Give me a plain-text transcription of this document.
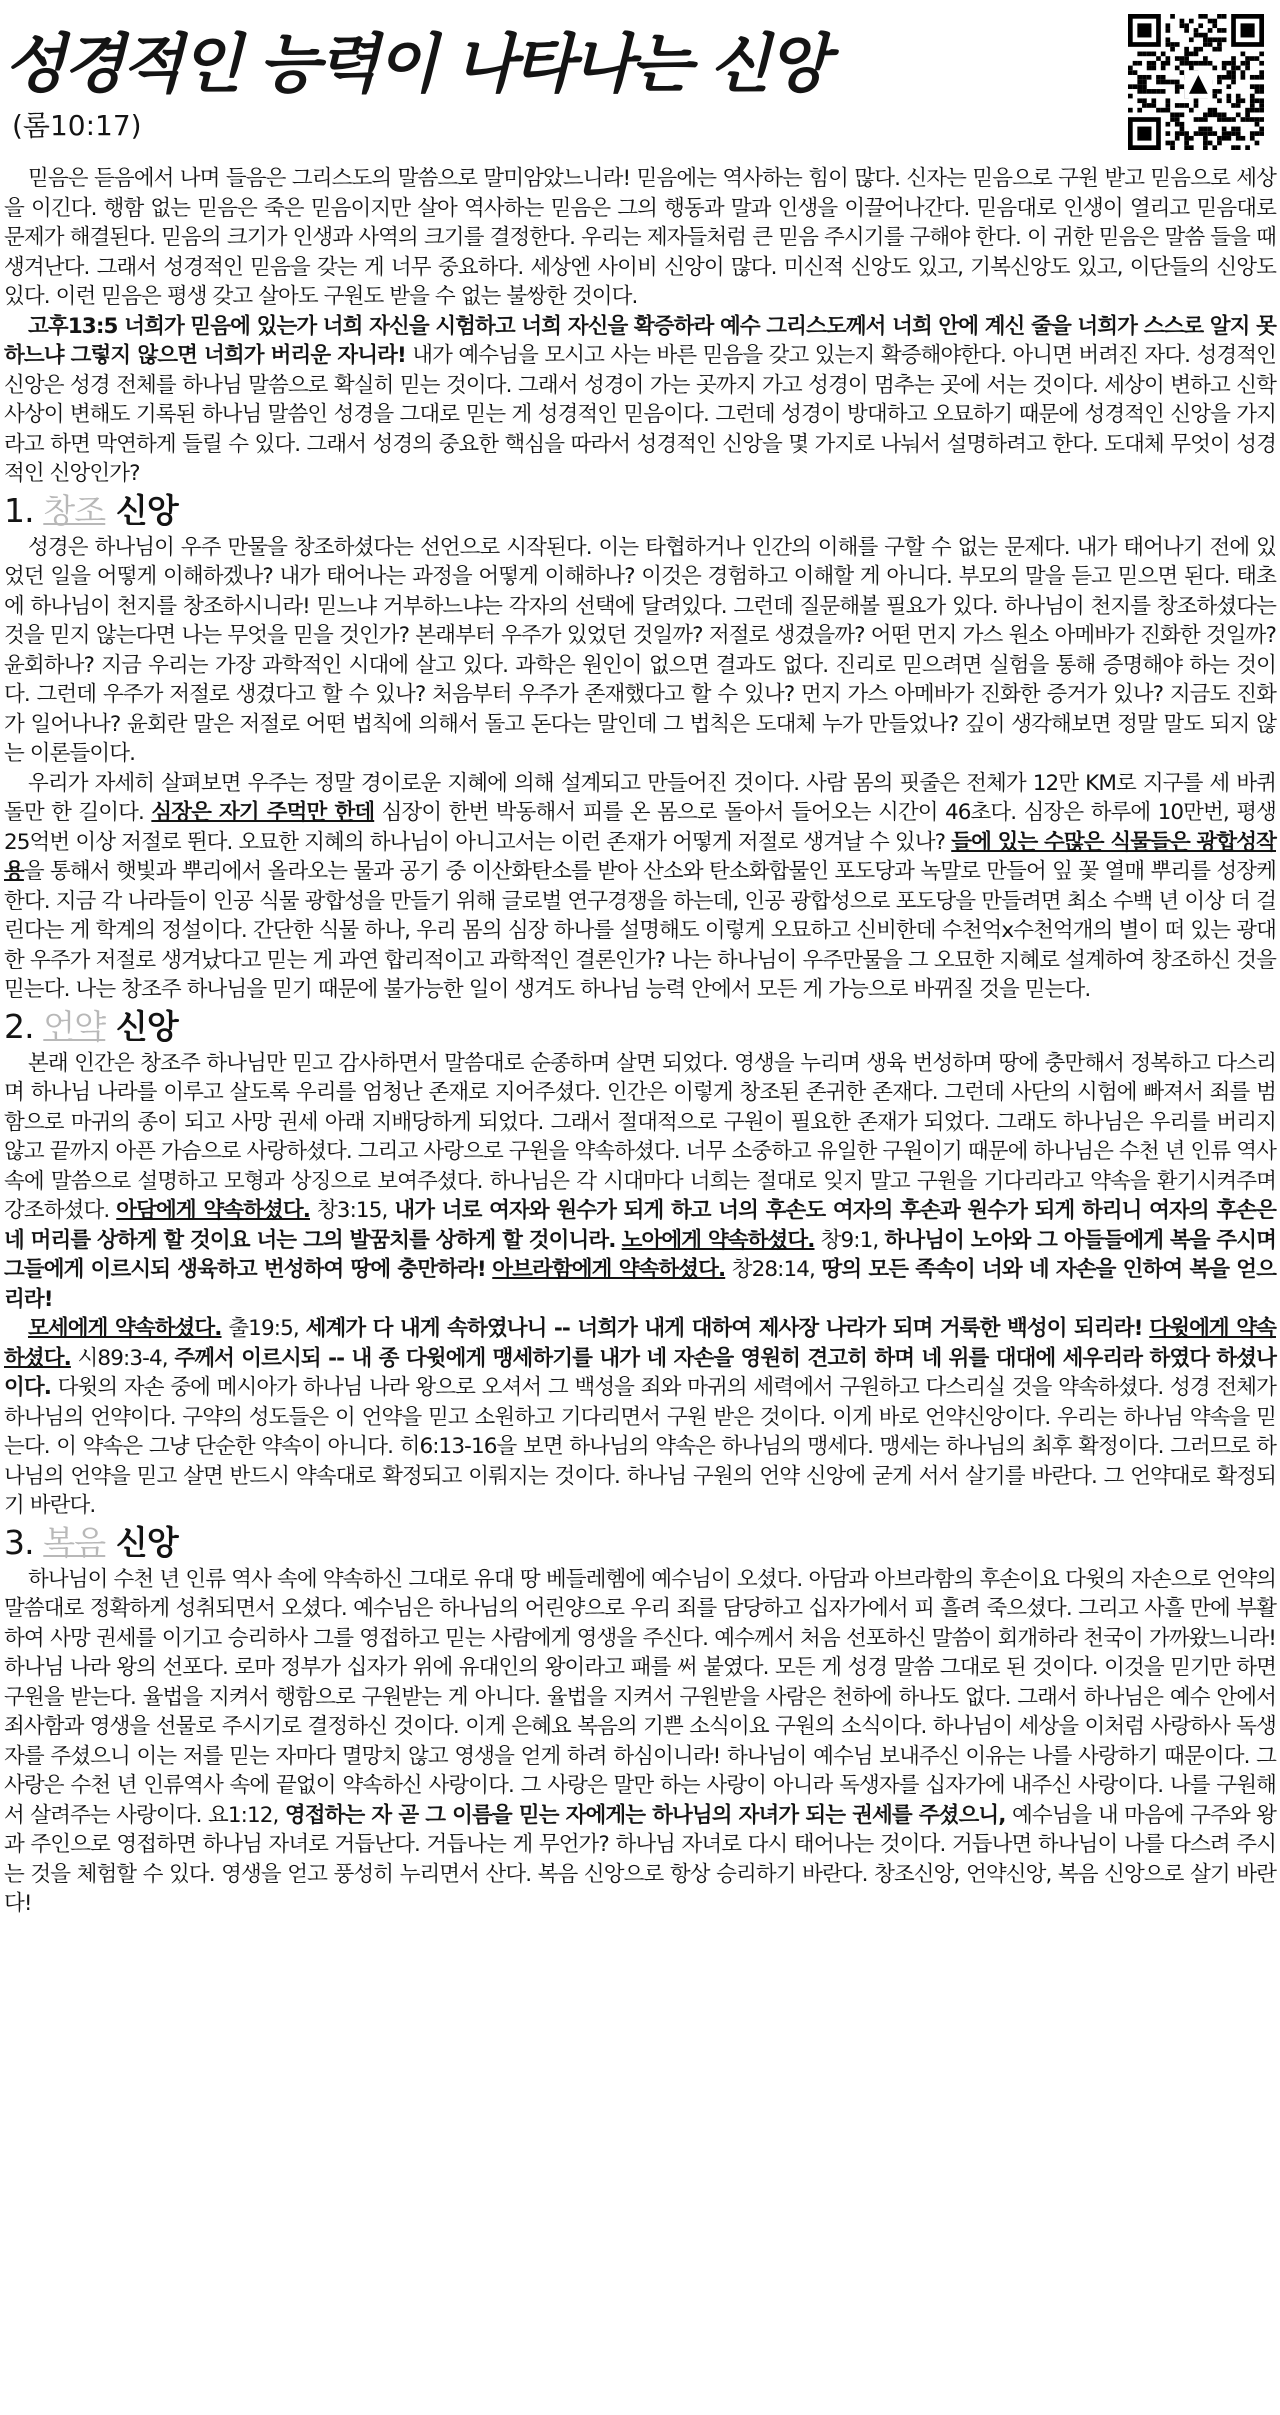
성경적인 능력이 나타나는 신앙
(롬10:17)

믿음은 듣음에서 나며 들음은 그리스도의 말씀으로 말미암았느니라! 믿음에는 역사하는 힘이 많다. 신자는 믿음으로 구원 받고 믿음으로 세상을 이긴다. 행함 없는 믿음은 죽은 믿음이지만 살아 역사하는 믿음은 그의 행동과 말과 인생을 이끌어나간다. 믿음대로 인생이 열리고 믿음대로 문제가 해결된다. 믿음의 크기가 인생과 사역의 크기를 결정한다. 우리는 제자들처럼 큰 믿음 주시기를 구해야 한다. 이 귀한 믿음은 말씀 들을 때 생겨난다. 그래서 성경적인 믿음을 갖는 게 너무 중요하다. 세상엔 사이비 신앙이 많다. 미신적 신앙도 있고, 기복신앙도 있고, 이단들의 신앙도 있다. 이런 믿음은 평생 갖고 살아도 구원도 받을 수 없는 불쌍한 것이다.

고후13:5 너희가 믿음에 있는가 너희 자신을 시험하고 너희 자신을 확증하라 예수 그리스도께서 너희 안에 계신 줄을 너희가 스스로 알지 못하느냐 그렇지 않으면 너희가 버리운 자니라! 내가 예수님을 모시고 사는 바른 믿음을 갖고 있는지 확증해야한다. 아니면 버려진 자다. 성경적인 신앙은 성경 전체를 하나님 말씀으로 확실히 믿는 것이다. 그래서 성경이 가는 곳까지 가고 성경이 멈추는 곳에 서는 것이다. 세상이 변하고 신학 사상이 변해도 기록된 하나님 말씀인 성경을 그대로 믿는 게 성경적인 믿음이다. 그런데 성경이 방대하고 오묘하기 때문에 성경적인 신앙을 가지라고 하면 막연하게 들릴 수 있다. 그래서 성경의 중요한 핵심을 따라서 성경적인 신앙을 몇 가지로 나눠서 설명하려고 한다. 도대체 무엇이 성경적인 신앙인가?

1. 창조 신앙

성경은 하나님이 우주 만물을 창조하셨다는 선언으로 시작된다. 이는 타협하거나 인간의 이해를 구할 수 없는 문제다. 내가 태어나기 전에 있었던 일을 어떻게 이해하겠나? 내가 태어나는 과정을 어떻게 이해하나? 이것은 경험하고 이해할 게 아니다. 부모의 말을 듣고 믿으면 된다. 태초에 하나님이 천지를 창조하시니라! 믿느냐 거부하느냐는 각자의 선택에 달려있다. 그런데 질문해볼 필요가 있다. 하나님이 천지를 창조하셨다는 것을 믿지 않는다면 나는 무엇을 믿을 것인가? 본래부터 우주가 있었던 것일까? 저절로 생겼을까? 어떤 먼지 가스 원소 아메바가 진화한 것일까? 윤회하나? 지금 우리는 가장 과학적인 시대에 살고 있다. 과학은 원인이 없으면 결과도 없다. 진리로 믿으려면 실험을 통해 증명해야 하는 것이다. 그런데 우주가 저절로 생겼다고 할 수 있나? 처음부터 우주가 존재했다고 할 수 있나? 먼지 가스 아메바가 진화한 증거가 있나? 지금도 진화가 일어나나? 윤회란 말은 저절로 어떤 법칙에 의해서 돌고 돈다는 말인데 그 법칙은 도대체 누가 만들었나? 깊이 생각해보면 정말 말도 되지 않는 이론들이다.

우리가 자세히 살펴보면 우주는 정말 경이로운 지혜에 의해 설계되고 만들어진 것이다. 사람 몸의 핏줄은 전체가 12만 KM로 지구를 세 바퀴 돌만 한 길이다. 심장은 자기 주먹만 한데 심장이 한번 박동해서 피를 온 몸으로 돌아서 들어오는 시간이 46초다. 심장은 하루에 10만번, 평생 25억번 이상 저절로 뛴다. 오묘한 지혜의 하나님이 아니고서는 이런 존재가 어떻게 저절로 생겨날 수 있나? 들에 있는 수많은 식물들은 광합성작용을 통해서 햇빛과 뿌리에서 올라오는 물과 공기 중 이산화탄소를 받아 산소와 탄소화합물인 포도당과 녹말로 만들어 잎 꽃 열매 뿌리를 성장케 한다. 지금 각 나라들이 인공 식물 광합성을 만들기 위해 글로벌 연구경쟁을 하는데, 인공 광합성으로 포도당을 만들려면 최소 수백 년 이상 더 걸린다는 게 학계의 정설이다. 간단한 식물 하나, 우리 몸의 심장 하나를 설명해도 이렇게 오묘하고 신비한데 수천억x수천억개의 별이 떠 있는 광대한 우주가 저절로 생겨났다고 믿는 게 과연 합리적이고 과학적인 결론인가? 나는 하나님이 우주만물을 그 오묘한 지혜로 설계하여 창조하신 것을 믿는다. 나는 창조주 하나님을 믿기 때문에 불가능한 일이 생겨도 하나님 능력 안에서 모든 게 가능으로 바뀌질 것을 믿는다.

2. 언약 신앙

본래 인간은 창조주 하나님만 믿고 감사하면서 말씀대로 순종하며 살면 되었다. 영생을 누리며 생육 번성하며 땅에 충만해서 정복하고 다스리며 하나님 나라를 이루고 살도록 우리를 엄청난 존재로 지어주셨다. 인간은 이렇게 창조된 존귀한 존재다. 그런데 사단의 시험에 빠져서 죄를 범함으로 마귀의 종이 되고 사망 권세 아래 지배당하게 되었다. 그래서 절대적으로 구원이 필요한 존재가 되었다. 그래도 하나님은 우리를 버리지 않고 끝까지 아픈 가슴으로 사랑하셨다. 그리고 사랑으로 구원을 약속하셨다. 너무 소중하고 유일한 구원이기 때문에 하나님은 수천 년 인류 역사 속에 말씀으로 설명하고 모형과 상징으로 보여주셨다. 하나님은 각 시대마다 너희는 절대로 잊지 말고 구원을 기다리라고 약속을 환기시켜주며 강조하셨다. 아담에게 약속하셨다. 창3:15, 내가 너로 여자와 원수가 되게 하고 너의 후손도 여자의 후손과 원수가 되게 하리니 여자의 후손은 네 머리를 상하게 할 것이요 너는 그의 발꿈치를 상하게 할 것이니라. 노아에게 약속하셨다. 창9:1, 하나님이 노아와 그 아들들에게 복을 주시며 그들에게 이르시되 생육하고 번성하여 땅에 충만하라! 아브라함에게 약속하셨다. 창28:14, 땅의 모든 족속이 너와 네 자손을 인하여 복을 얻으리라!

모세에게 약속하셨다. 출19:5, 세계가 다 내게 속하였나니 -- 너희가 내게 대하여 제사장 나라가 되며 거룩한 백성이 되리라! 다윗에게 약속하셨다. 시89:3-4, 주께서 이르시되 -- 내 종 다윗에게 맹세하기를 내가 네 자손을 영원히 견고히 하며 네 위를 대대에 세우리라 하였다 하셨나이다. 다윗의 자손 중에 메시아가 하나님 나라 왕으로 오셔서 그 백성을 죄와 마귀의 세력에서 구원하고 다스리실 것을 약속하셨다. 성경 전체가 하나님의 언약이다. 구약의 성도들은 이 언약을 믿고 소원하고 기다리면서 구원 받은 것이다. 이게 바로 언약신앙이다. 우리는 하나님 약속을 믿는다. 이 약속은 그냥 단순한 약속이 아니다. 히6:13-16을 보면 하나님의 약속은 하나님의 맹세다. 맹세는 하나님의 최후 확정이다. 그러므로 하나님의 언약을 믿고 살면 반드시 약속대로 확정되고 이뤄지는 것이다. 하나님 구원의 언약 신앙에 굳게 서서 살기를 바란다. 그 언약대로 확정되기 바란다.

3. 복음 신앙

하나님이 수천 년 인류 역사 속에 약속하신 그대로 유대 땅 베들레헴에 예수님이 오셨다. 아담과 아브라함의 후손이요 다윗의 자손으로 언약의 말씀대로 정확하게 성취되면서 오셨다. 예수님은 하나님의 어린양으로 우리 죄를 담당하고 십자가에서 피 흘려 죽으셨다. 그리고 사흘 만에 부활하여 사망 권세를 이기고 승리하사 그를 영접하고 믿는 사람에게 영생을 주신다. 예수께서 처음 선포하신 말씀이 회개하라 천국이 가까왔느니라! 하나님 나라 왕의 선포다. 로마 정부가 십자가 위에 유대인의 왕이라고 패를 써 붙였다. 모든 게 성경 말씀 그대로 된 것이다. 이것을 믿기만 하면 구원을 받는다. 율법을 지켜서 행함으로 구원받는 게 아니다. 율법을 지켜서 구원받을 사람은 천하에 하나도 없다. 그래서 하나님은 예수 안에서 죄사함과 영생을 선물로 주시기로 결정하신 것이다. 이게 은혜요 복음의 기쁜 소식이요 구원의 소식이다. 하나님이 세상을 이처럼 사랑하사 독생자를 주셨으니 이는 저를 믿는 자마다 멸망치 않고 영생을 얻게 하려 하심이니라! 하나님이 예수님 보내주신 이유는 나를 사랑하기 때문이다. 그 사랑은 수천 년 인류역사 속에 끝없이 약속하신 사랑이다. 그 사랑은 말만 하는 사랑이 아니라 독생자를 십자가에 내주신 사랑이다. 나를 구원해서 살려주는 사랑이다. 요1:12, 영접하는 자 곧 그 이름을 믿는 자에게는 하나님의 자녀가 되는 권세를 주셨으니, 예수님을 내 마음에 구주와 왕과 주인으로 영접하면 하나님 자녀로 거듭난다. 거듭나는 게 무언가? 하나님 자녀로 다시 태어나는 것이다. 거듭나면 하나님이 나를 다스려 주시는 것을 체험할 수 있다. 영생을 얻고 풍성히 누리면서 산다. 복음 신앙으로 항상 승리하기 바란다. 창조신앙, 언약신앙, 복음 신앙으로 살기 바란다!
